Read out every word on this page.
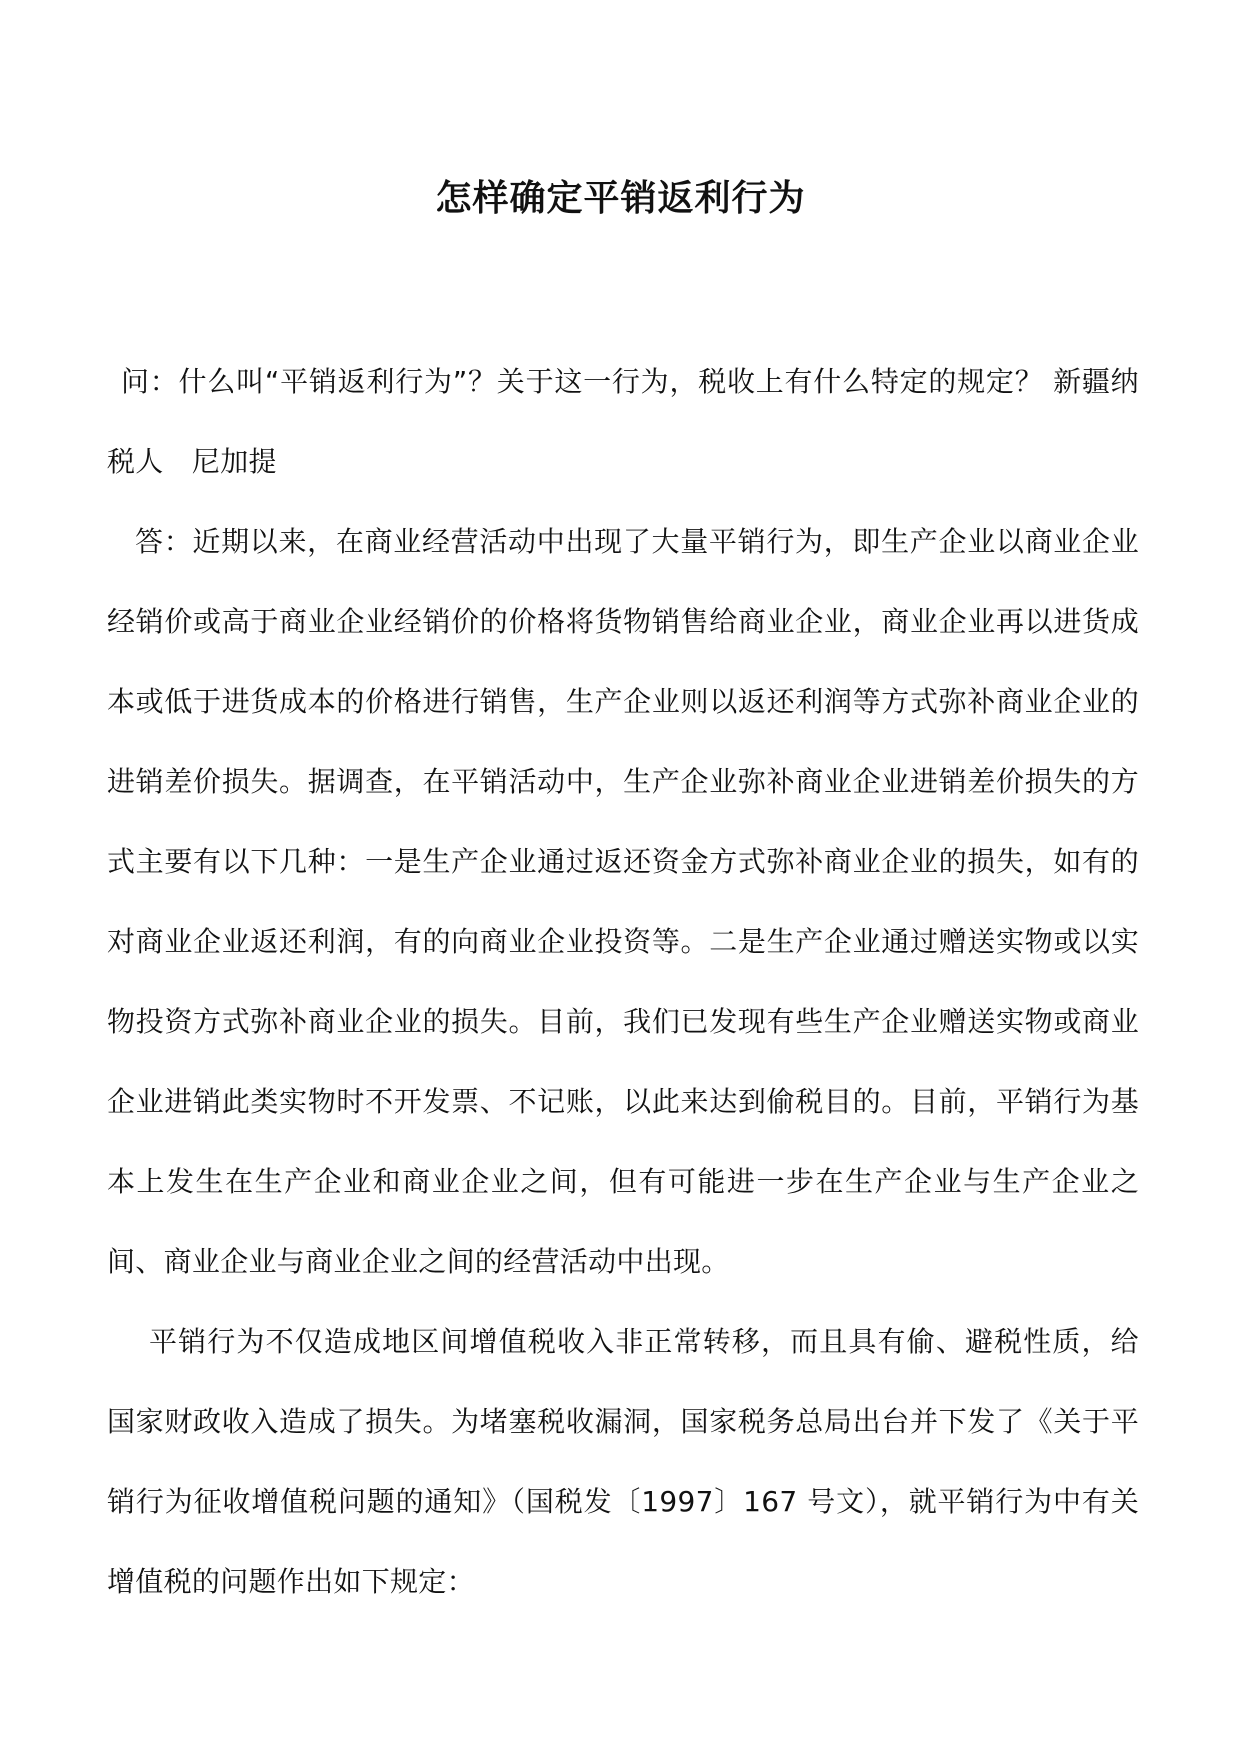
怎样确定平销返利行为

问：什么叫“平销返利行为”？关于这一行为，税收上有什么特定的规定？ 新疆纳税人　尼加提

答：近期以来，在商业经营活动中出现了大量平销行为，即生产企业以商业企业经销价或高于商业企业经销价的价格将货物销售给商业企业，商业企业再以进货成本或低于进货成本的价格进行销售，生产企业则以返还利润等方式弥补商业企业的进销差价损失。据调查，在平销活动中，生产企业弥补商业企业进销差价损失的方式主要有以下几种：一是生产企业通过返还资金方式弥补商业企业的损失，如有的对商业企业返还利润，有的向商业企业投资等。二是生产企业通过赠送实物或以实物投资方式弥补商业企业的损失。目前，我们已发现有些生产企业赠送实物或商业企业进销此类实物时不开发票、不记账，以此来达到偷税目的。目前，平销行为基本上发生在生产企业和商业企业之间，但有可能进一步在生产企业与生产企业之间、商业企业与商业企业之间的经营活动中出现。

平销行为不仅造成地区间增值税收入非正常转移，而且具有偷、避税性质，给国家财政收入造成了损失。为堵塞税收漏洞，国家税务总局出台并下发了《关于平销行为征收增值税问题的通知》（国税发〔1997〕167 号文），就平销行为中有关增值税的问题作出如下规定：
